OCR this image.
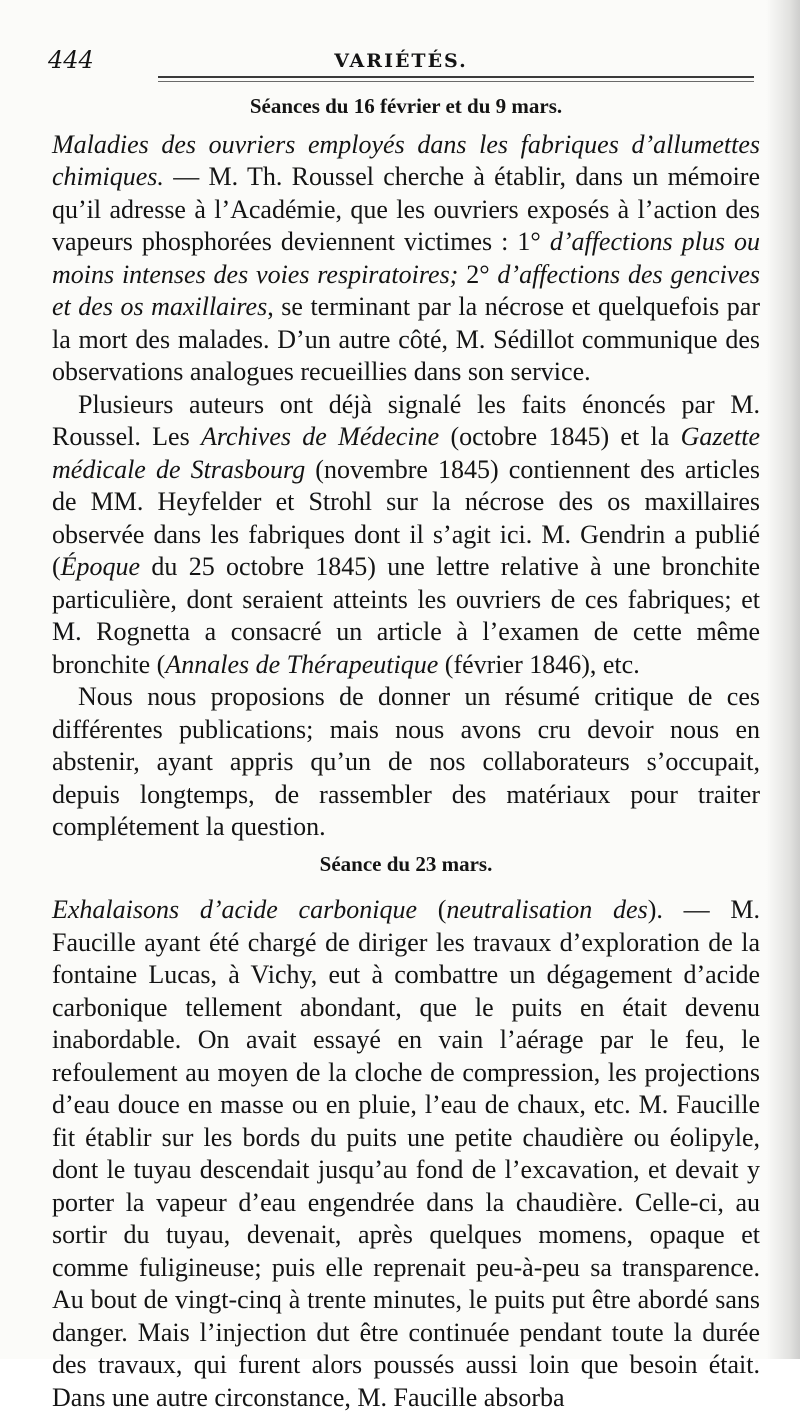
444	VARIÉTÉS.
Séances du 16 février et du 9 mars.

Maladies des ouvriers employés dans les fabriques d’allumettes chimiques. — M. Th. Roussel cherche à établir, dans un mémoire qu’il adresse à l’Académie, que les ouvriers exposés à l’action des vapeurs phosphorées deviennent victimes : 1° d’affections plus ou moins intenses des voies respiratoires; 2° d’affections des gencives et des os maxillaires, se terminant par la nécrose et quelquefois par la mort des malades. D’un autre côté, M. Sédillot communique des observations analogues recueillies dans son service.

Plusieurs auteurs ont déjà signalé les faits énoncés par M. Roussel. Les Archives de Médecine (octobre 1845) et la Gazette médicale de Strasbourg (novembre 1845) contiennent des articles de MM. Heyfelder et Strohl sur la nécrose des os maxillaires observée dans les fabriques dont il s’agit ici. M. Gendrin a publié (Époque du 25 octobre 1845) une lettre relative à une bronchite particulière, dont seraient atteints les ouvriers de ces fabriques; et M. Rognetta a consacré un article à l’examen de cette même bronchite (Annales de Thérapeutique (février 1846), etc.

Nous nous proposions de donner un résumé critique de ces différentes publications; mais nous avons cru devoir nous en abstenir, ayant appris qu’un de nos collaborateurs s’occupait, depuis longtemps, de rassembler des matériaux pour traiter complétement la question.

Séance du 23 mars.

Exhalaisons d’acide carbonique (neutralisation des). — M. Faucille ayant été chargé de diriger les travaux d’exploration de la fontaine Lucas, à Vichy, eut à combattre un dégagement d’acide carbonique tellement abondant, que le puits en était devenu inabordable. On avait essayé en vain l’aérage par le feu, le refoulement au moyen de la cloche de compression, les projections d’eau douce en masse ou en pluie, l’eau de chaux, etc. M. Faucille fit établir sur les bords du puits une petite chaudière ou éolipyle, dont le tuyau descendait jusqu’au fond de l’excavation, et devait y porter la vapeur d’eau engendrée dans la chaudière. Celle-ci, au sortir du tuyau, devenait, après quelques momens, opaque et comme fuligineuse; puis elle reprenait peu-à-peu sa transparence. Au bout de vingt-cinq à trente minutes, le puits put être abordé sans danger. Mais l’injection dut être continuée pendant toute la durée des travaux, qui furent alors poussés aussi loin que besoin était. Dans une autre circonstance, M. Faucille absorba
